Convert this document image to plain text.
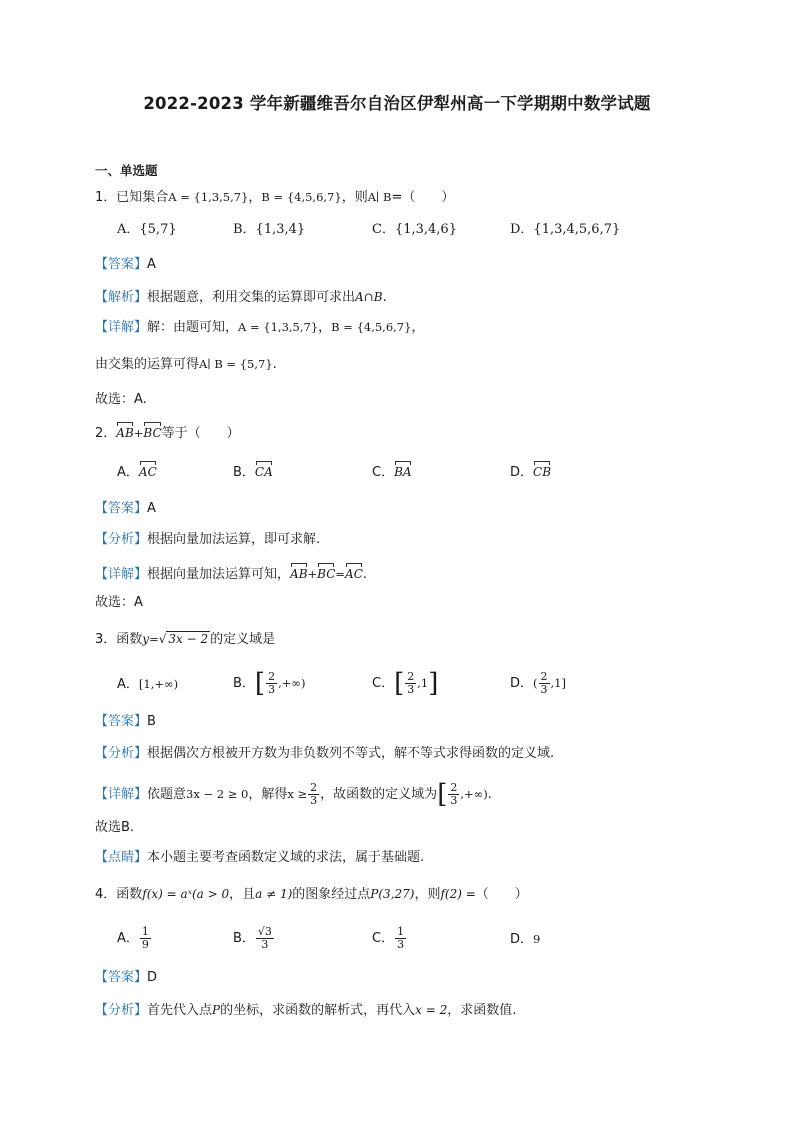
2022-2023 学年新疆维吾尔自治区伊犁州高一下学期期中数学试题
一、单选题
1．已知集合A = {1,3,5,7}，B = {4,5,6,7}，则A∣ B=（　　）
A．{5,7}	B．{1,3,4}	C．{1,3,4,6}	D．{1,3,4,5,6,7}
【答案】A
【解析】根据题意，利用交集的运算即可求出A∩B.
【详解】解：由题可知，A = {1,3,5,7}，B = {4,5,6,7}，
由交集的运算可得A∣ B = {5,7}.
故选：A.
2．AB+BC等于（　　）
A．AC	B．CA	C．BA	D．CB
【答案】A
【分析】根据向量加法运算，即可求解.
【详解】根据向量加法运算可知，AB+BC=AC.
故选：A
3．函数y=√ 3x − 2 的定义域是
A．[1,+∞)	B．[ $\frac{2}{3}$ ,+∞)	C．[ $\frac{2}{3} ,1$]	D．( $\frac{2}{3} ,1$]
【答案】B
【分析】根据偶次方根被开方数为非负数列不等式，解不等式求得函数的定义域.
【详解】依题意3x − 2 ≥ 0，解得$x \ge \frac{2}{3}$ ，故函数的定义域为[ $\frac{2}{3}$ ,+∞).
故选B.
【点睛】本小题主要考查函数定义域的求法，属于基础题.
4．函数f(x) = aˣ(a > 0，且a ≠ 1)的图象经过点P(3,27)，则f(2) =（　　）
A． $\frac{1}{9}$	B． $\frac{√3}{3}$	C． $\frac{1}{3}$	D．9
【答案】D
【分析】首先代入点P的坐标，求函数的解析式，再代入x = 2，求函数值.
